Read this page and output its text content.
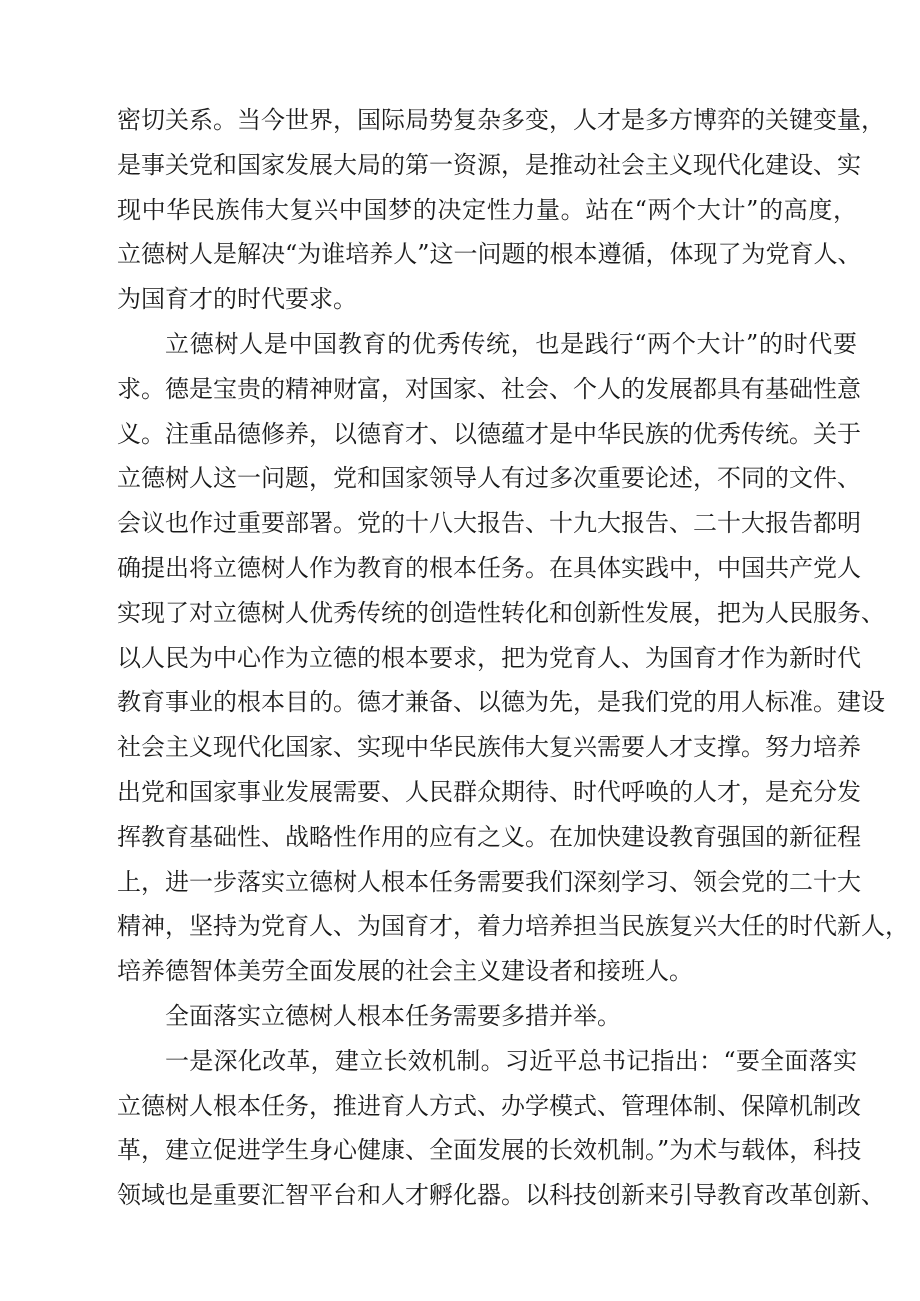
密切关系。当今世界，国际局势复杂多变，人才是多方博弈的关键变量，
是事关党和国家发展大局的第一资源，是推动社会主义现代化建设、实
现中华民族伟大复兴中国梦的决定性力量。站在“两个大计”的高度，
立德树人是解决“为谁培养人”这一问题的根本遵循，体现了为党育人、
为国育才的时代要求。
立德树人是中国教育的优秀传统，也是践行“两个大计”的时代要
求。德是宝贵的精神财富，对国家、社会、个人的发展都具有基础性意
义。注重品德修养，以德育才、以德蕴才是中华民族的优秀传统。关于
立德树人这一问题，党和国家领导人有过多次重要论述，不同的文件、
会议也作过重要部署。党的十八大报告、十九大报告、二十大报告都明
确提出将立德树人作为教育的根本任务。在具体实践中，中国共产党人
实现了对立德树人优秀传统的创造性转化和创新性发展，把为人民服务、
以人民为中心作为立德的根本要求，把为党育人、为国育才作为新时代
教育事业的根本目的。德才兼备、以德为先，是我们党的用人标准。建设
社会主义现代化国家、实现中华民族伟大复兴需要人才支撑。努力培养
出党和国家事业发展需要、人民群众期待、时代呼唤的人才，是充分发
挥教育基础性、战略性作用的应有之义。在加快建设教育强国的新征程
上，进一步落实立德树人根本任务需要我们深刻学习、领会党的二十大
精神，坚持为党育人、为国育才，着力培养担当民族复兴大任的时代新人，
培养德智体美劳全面发展的社会主义建设者和接班人。
全面落实立德树人根本任务需要多措并举。
一是深化改革，建立长效机制。习近平总书记指出：“要全面落实
立德树人根本任务，推进育人方式、办学模式、管理体制、保障机制改
革，建立促进学生身心健康、全面发展的长效机制。”为术与载体，科技
领域也是重要汇智平台和人才孵化器。以科技创新来引导教育改革创新、
